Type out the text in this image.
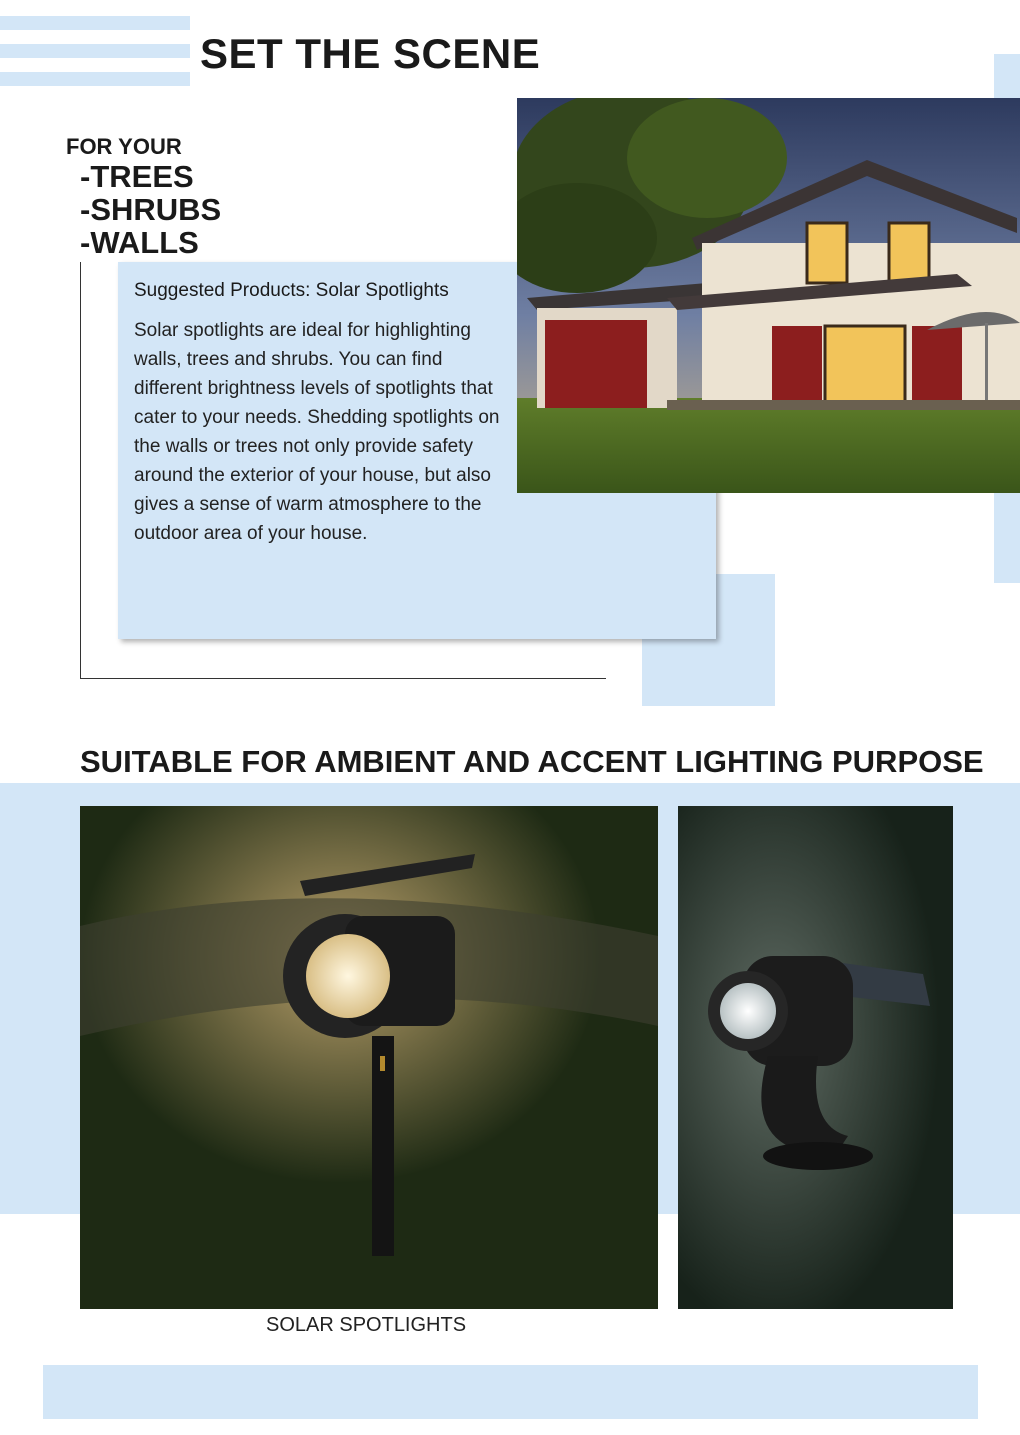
SET THE SCENE
FOR YOUR
-TREES
-SHRUBS
-WALLS
Suggested Products: Solar Spotlights
Solar spotlights are ideal for highlighting walls, trees and shrubs. You can find different brightness levels of spotlights that cater to your needs. Shedding spotlights on the walls or trees not only provide safety around the exterior of your house, but also gives a sense of warm atmosphere to the outdoor area of your house.
SUITABLE FOR AMBIENT AND ACCENT LIGHTING PURPOSE
SOLAR SPOTLIGHTS
